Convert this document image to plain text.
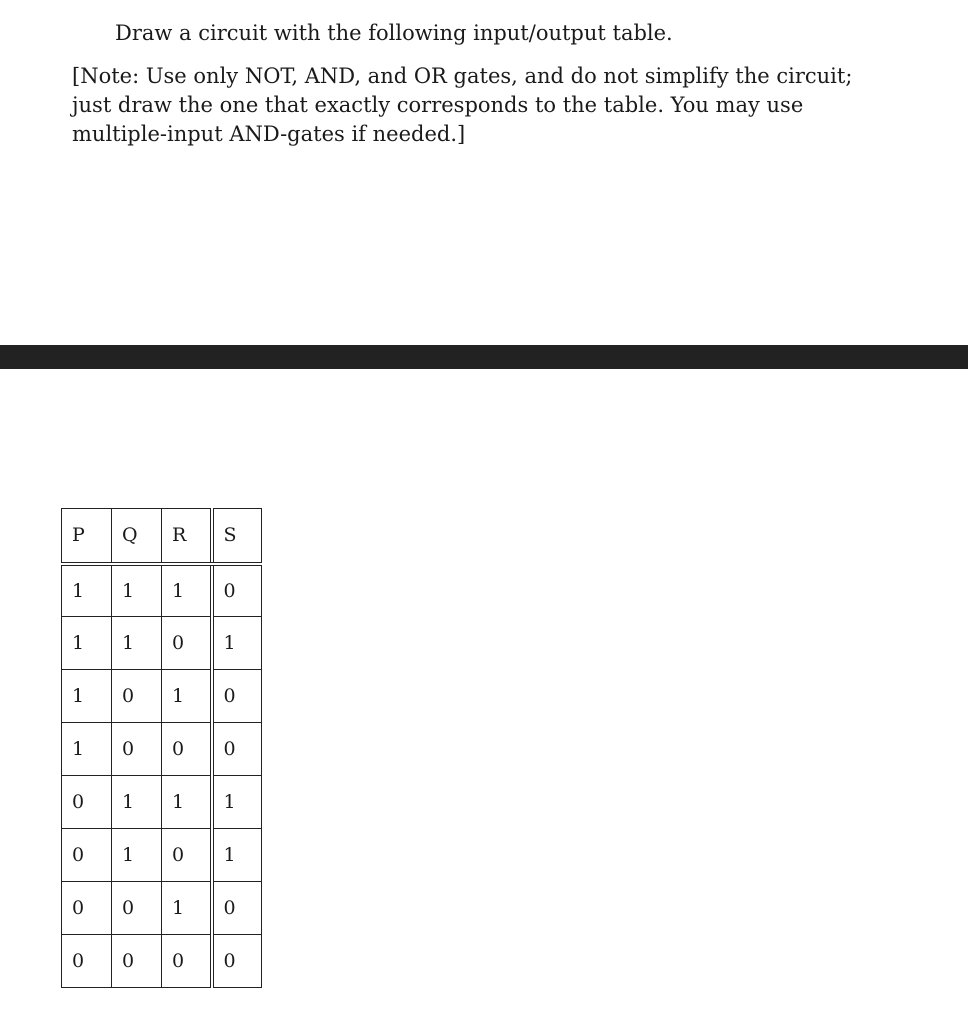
Draw a circuit with the following input/output table.

[Note: Use only NOT, AND, and OR gates, and do not simplify the circuit; just draw the one that exactly corresponds to the table. You may use multiple-input AND-gates if needed.]

P	Q	R	S
1	1	1	0
1	1	0	1
1	0	1	0
1	0	0	0
0	1	1	1
0	1	0	1
0	0	1	0
0	0	0	0
